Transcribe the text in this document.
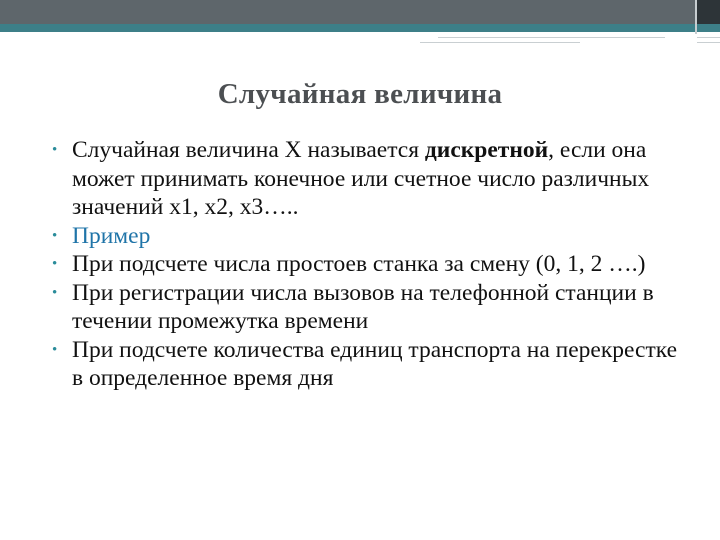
Случайная величина
• Случайная величина Х называется дискретной, если она может принимать конечное или счетное число различных значений x1, x2, x3…..
• Пример
• При подсчете числа простоев станка за смену (0, 1, 2 ….)
• При регистрации числа вызовов на телефонной станции в течении промежутка времени
• При подсчете количества единиц транспорта на перекрестке в определенное время дня
